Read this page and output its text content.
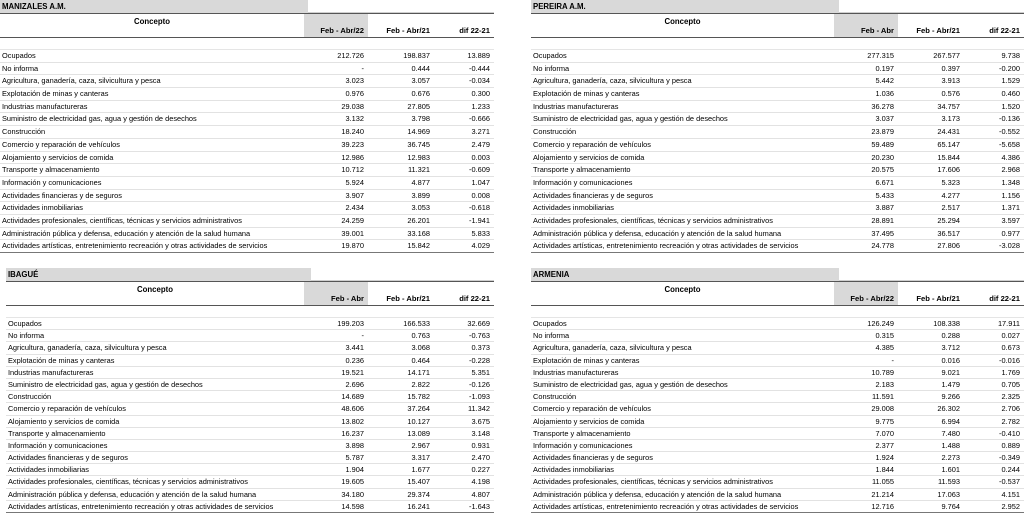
MANIZALES A.M.
Concepto
Feb - Abr/22	Feb - Abr/21	dif 22-21
Ocupados	212.726	198.837	13.889
No informa	-	0.444	-0.444
Agricultura, ganadería, caza, silvicultura y pesca	3.023	3.057	-0.034
Explotación de minas y canteras	0.976	0.676	0.300
Industrias manufactureras	29.038	27.805	1.233
Suministro de electricidad gas, agua y gestión de desechos	3.132	3.798	-0.666
Construcción	18.240	14.969	3.271
Comercio y reparación de vehículos	39.223	36.745	2.479
Alojamiento y servicios de comida	12.986	12.983	0.003
Transporte y almacenamiento	10.712	11.321	-0.609
Información y comunicaciones	5.924	4.877	1.047
Actividades financieras y de seguros	3.907	3.899	0.008
Actividades inmobiliarias	2.434	3.053	-0.618
Actividades profesionales, científicas, técnicas y servicios administrativos	24.259	26.201	-1.941
Administración pública y defensa, educación y atención de la salud humana	39.001	33.168	5.833
Actividades artísticas, entretenimiento recreación y otras actividades de servicios	19.870	15.842	4.029
PEREIRA A.M.
Concepto
Feb - Abr	Feb - Abr/21	dif 22-21
Ocupados	277.315	267.577	9.738
No informa	0.197	0.397	-0.200
Agricultura, ganadería, caza, silvicultura y pesca	5.442	3.913	1.529
Explotación de minas y canteras	1.036	0.576	0.460
Industrias manufactureras	36.278	34.757	1.520
Suministro de electricidad gas, agua y gestión de desechos	3.037	3.173	-0.136
Construcción	23.879	24.431	-0.552
Comercio y reparación de vehículos	59.489	65.147	-5.658
Alojamiento y servicios de comida	20.230	15.844	4.386
Transporte y almacenamiento	20.575	17.606	2.968
Información y comunicaciones	6.671	5.323	1.348
Actividades financieras y de seguros	5.433	4.277	1.156
Actividades inmobiliarias	3.887	2.517	1.371
Actividades profesionales, científicas, técnicas y servicios administrativos	28.891	25.294	3.597
Administración pública y defensa, educación y atención de la salud humana	37.495	36.517	0.977
Actividades artísticas, entretenimiento recreación y otras actividades de servicios	24.778	27.806	-3.028
IBAGUÉ
Concepto
Feb - Abr	Feb - Abr/21	dif 22-21
Ocupados	199.203	166.533	32.669
No informa	-	0.763	-0.763
Agricultura, ganadería, caza, silvicultura y pesca	3.441	3.068	0.373
Explotación de minas y canteras	0.236	0.464	-0.228
Industrias manufactureras	19.521	14.171	5.351
Suministro de electricidad gas, agua y gestión de desechos	2.696	2.822	-0.126
Construcción	14.689	15.782	-1.093
Comercio y reparación de vehículos	48.606	37.264	11.342
Alojamiento y servicios de comida	13.802	10.127	3.675
Transporte y almacenamiento	16.237	13.089	3.148
Información y comunicaciones	3.898	2.967	0.931
Actividades financieras y de seguros	5.787	3.317	2.470
Actividades inmobiliarias	1.904	1.677	0.227
Actividades profesionales, científicas, técnicas y servicios administrativos	19.605	15.407	4.198
Administración pública y defensa, educación y atención de la salud humana	34.180	29.374	4.807
Actividades artísticas, entretenimiento recreación y otras actividades de servicios	14.598	16.241	-1.643
ARMENIA
Concepto
Feb - Abr/22	Feb - Abr/21	dif 22-21
Ocupados	126.249	108.338	17.911
No informa	0.315	0.288	0.027
Agricultura, ganadería, caza, silvicultura y pesca	4.385	3.712	0.673
Explotación de minas y canteras	-	0.016	-0.016
Industrias manufactureras	10.789	9.021	1.769
Suministro de electricidad gas, agua y gestión de desechos	2.183	1.479	0.705
Construcción	11.591	9.266	2.325
Comercio y reparación de vehículos	29.008	26.302	2.706
Alojamiento y servicios de comida	9.775	6.994	2.782
Transporte y almacenamiento	7.070	7.480	-0.410
Información y comunicaciones	2.377	1.488	0.889
Actividades financieras y de seguros	1.924	2.273	-0.349
Actividades inmobiliarias	1.844	1.601	0.244
Actividades profesionales, científicas, técnicas y servicios administrativos	11.055	11.593	-0.537
Administración pública y defensa, educación y atención de la salud humana	21.214	17.063	4.151
Actividades artísticas, entretenimiento recreación y otras actividades de servicios	12.716	9.764	2.952
